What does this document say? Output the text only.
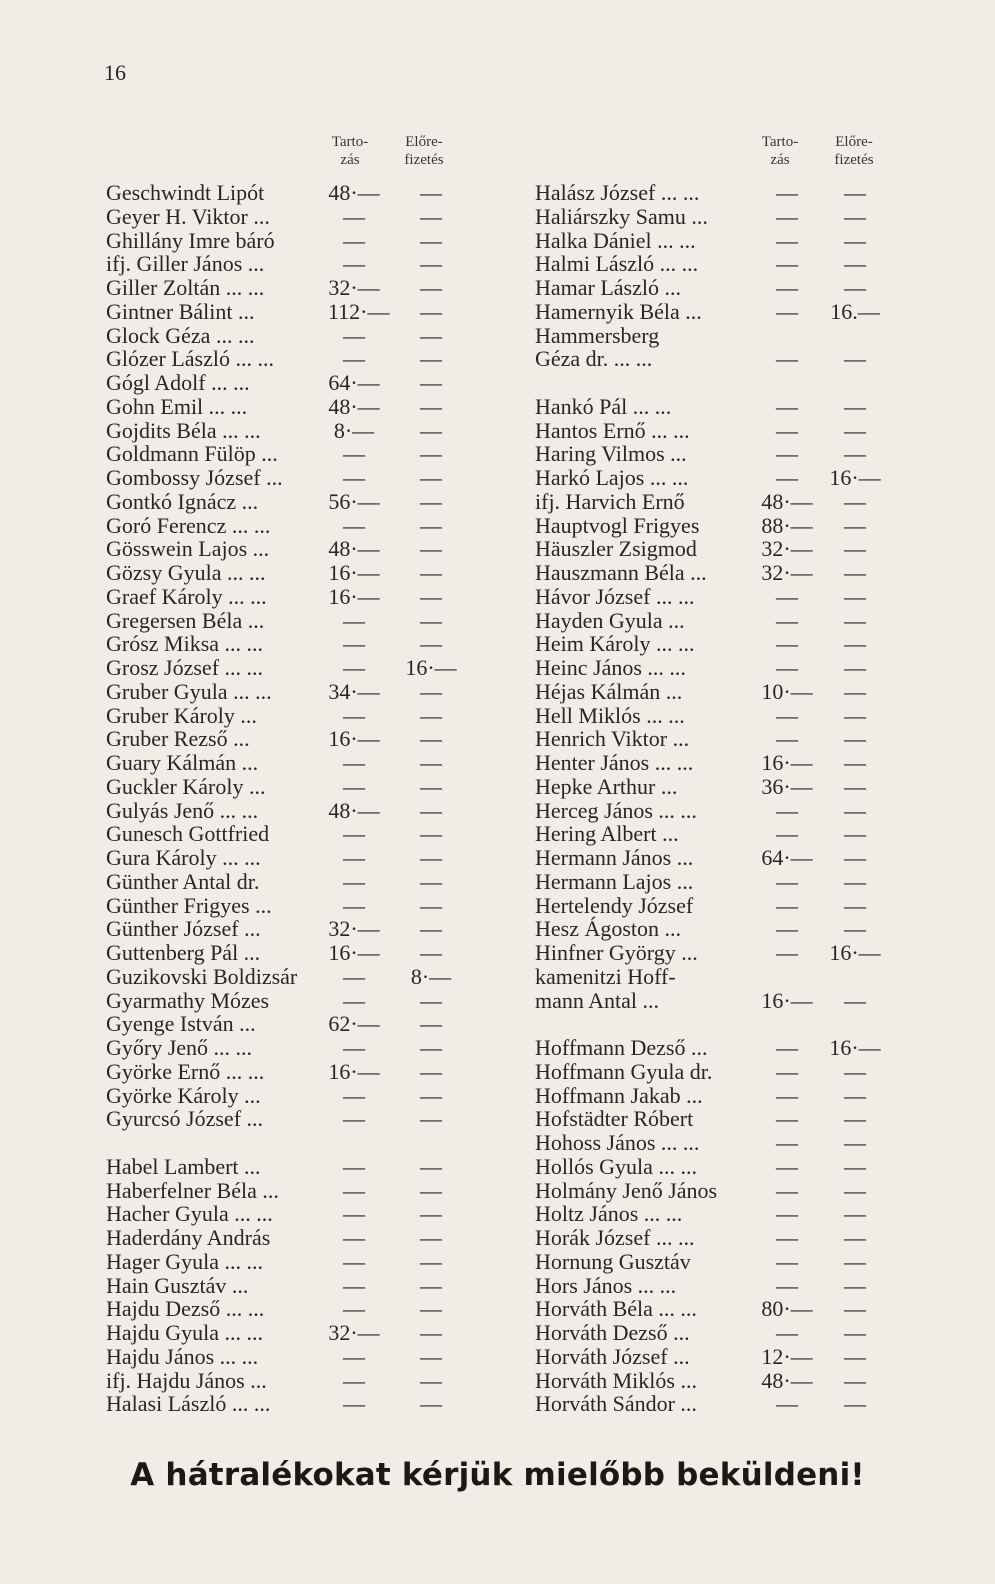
16
Tarto-
zás
Előre-
fizetés
Tarto-
zás
Előre-
fizetés
Geschwindt Lipót	48·—	—
Geyer H. Viktor ...	—	—
Ghillány Imre báró	—	—
ifj. Giller János ...	—	—
Giller Zoltán ... ...	32·—	—
Gintner Bálint ...	112·—	—
Glock Géza ... ...	—	—
Glózer László ... ...	—	—
Gógl Adolf ... ...	64·—	—
Gohn Emil ... ...	48·—	—
Gojdits Béla ... ...	8·—	—
Goldmann Fülöp ...	—	—
Gombossy József ...	—	—
Gontkó Ignácz ...	56·—	—
Goró Ferencz ... ...	—	—
Gösswein Lajos ...	48·—	—
Gözsy Gyula ... ...	16·—	—
Graef Károly ... ...	16·—	—
Gregersen Béla ...	—	—
Grósz Miksa ... ...	—	—
Grosz József ... ...	—	16·—
Gruber Gyula ... ...	34·—	—
Gruber Károly ...	—	—
Gruber Rezső ...	16·—	—
Guary Kálmán ...	—	—
Guckler Károly ...	—	—
Gulyás Jenő ... ...	48·—	—
Gunesch Gottfried	—	—
Gura Károly ... ...	—	—
Günther Antal dr.	—	—
Günther Frigyes ...	—	—
Günther József ...	32·—	—
Guttenberg Pál ...	16·—	—
Guzikovski Boldizsár	—	8·—
Gyarmathy Mózes	—	—
Gyenge István ...	62·—	—
Győry Jenő ... ...	—	—
Györke Ernő ... ...	16·—	—
Györke Károly ...	—	—
Gyurcsó József ...	—	—
Habel Lambert ...	—	—
Haberfelner Béla ...	—	—
Hacher Gyula ... ...	—	—
Haderdány András	—	—
Hager Gyula ... ...	—	—
Hain Gusztáv ...	—	—
Hajdu Dezső ... ...	—	—
Hajdu Gyula ... ...	32·—	—
Hajdu János ... ...	—	—
ifj. Hajdu János ...	—	—
Halasi László ... ...	—	—
Halász József ... ...	—	—
Haliárszky Samu ...	—	—
Halka Dániel ... ...	—	—
Halmi László ... ...	—	—
Hamar László ...	—	—
Hamernyik Béla ...	—	16.—
Hammersberg
Géza dr. ... ...	—	—
Hankó Pál ... ...	—	—
Hantos Ernő ... ...	—	—
Haring Vilmos ...	—	—
Harkó Lajos ... ...	—	16·—
ifj. Harvich Ernő	48·—	—
Hauptvogl Frigyes	88·—	—
Häuszler Zsigmod	32·—	—
Hauszmann Béla ... 32·—	—
Hávor József ... ...	—	—
Hayden Gyula ...	—	—
Heim Károly ... ...	—	—
Heinc János ... ...	—	—
Héjas Kálmán ...	10·—	—
Hell Miklós ... ...	—	—
Henrich Viktor ...	—	—
Henter János ... ...	16·—	—
Hepke Arthur ...	36·—	—
Herceg János ... ...	—	—
Hering Albert ...	—	—
Hermann János ...	64·—	—
Hermann Lajos ...	—	—
Hertelendy József	—	—
Hesz Ágoston ...	—	—
Hinfner György ...	—	16·—
kamenitzi Hoff-
mann Antal ...	16·—	—
Hoffmann Dezső ...	—	16·—
Hoffmann Gyula dr.	—	—
Hoffmann Jakab ...	—	—
Hofstädter Róbert	—	—
Hohoss János ... ...	—	—
Hollós Gyula ... ...	—	—
Holmány Jenő János	—	—
Holtz János ... ...	—	—
Horák József ... ...	—	—
Hornung Gusztáv	—	—
Hors János ... ...	—	—
Horváth Béla ... ...	80·—	—
Horváth Dezső ...	—	—
Horváth József ...	12·—	—
Horváth Miklós ...	48·—	—
Horváth Sándor ...	—	—
A hátralékokat kérjük mielőbb beküldeni!
